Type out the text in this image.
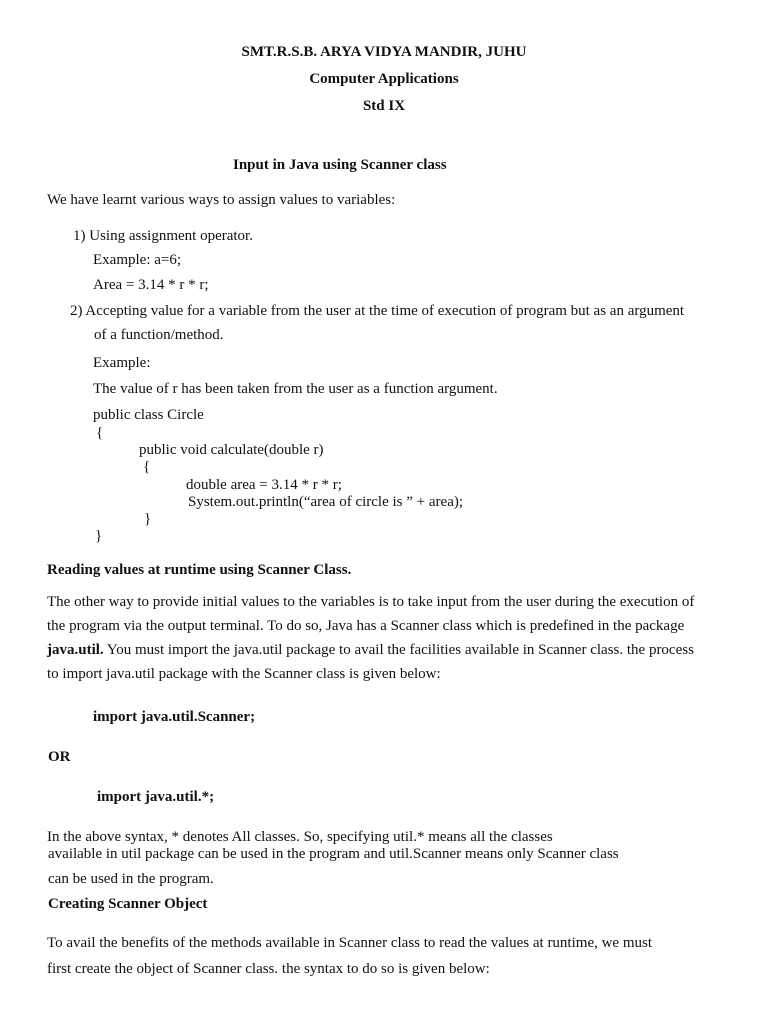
SMT.R.S.B. ARYA VIDYA MANDIR, JUHU
Computer Applications
Std IX
Input in Java using Scanner class
We have learnt various ways to assign values to variables:
1) Using assignment operator.
Example: a=6;
Area = 3.14 * r * r;
2) Accepting value for a variable from the user at the time of execution of program but as an argument
of a function/method.
Example:
The value of r has been taken from the user as a function argument.
public class Circle
{
public void calculate(double r)
{
double area = 3.14 * r * r;
System.out.println(“area of circle is ” + area);
}
}
Reading values at runtime using Scanner Class.
The other way to provide initial values to the variables is to take input from the user during the execution of
the program via the output terminal. To do so, Java has a Scanner class which is predefined in the package
java.util. You must import the java.util package to avail the facilities available in Scanner class. the process
to import java.util package with the Scanner class is given below:
import java.util.Scanner;
OR
import java.util.*;
In the above syntax, * denotes All classes. So, specifying util.* means all the classes
available in util package can be used in the program and util.Scanner means only Scanner class
can be used in the program.
Creating Scanner Object
To avail the benefits of the methods available in Scanner class to read the values at runtime, we must
first create the object of Scanner class. the syntax to do so is given below:
